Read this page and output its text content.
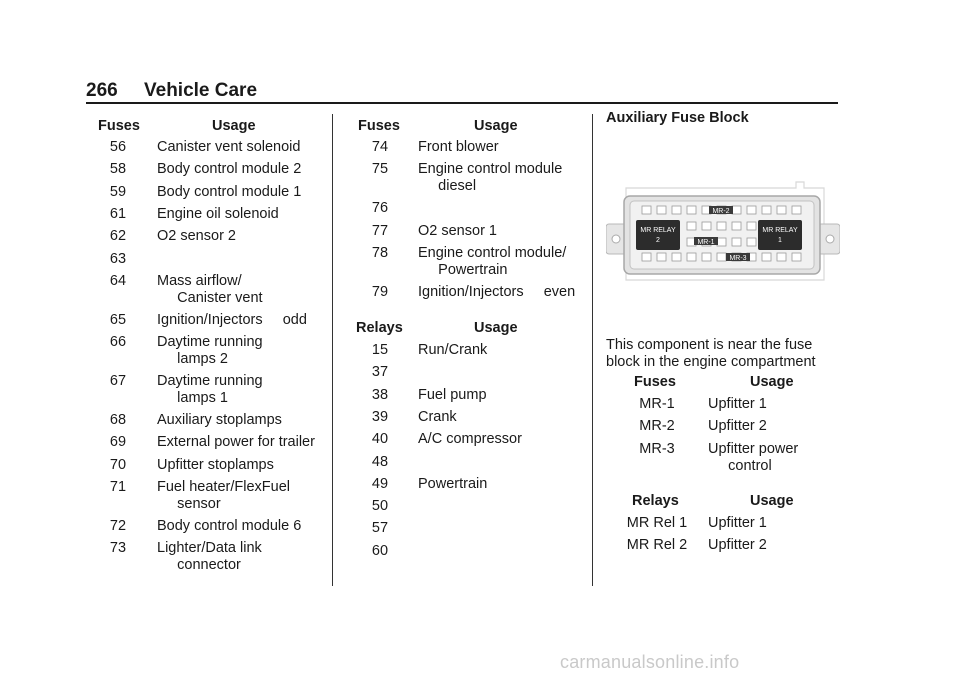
266 Vehicle Care
Fuses	Usage
56	Canister vent solenoid
58	Body control module 2
59	Body control module 1
61	Engine oil solenoid
62	O2 sensor 2
63
64	Mass airflow/
Canister vent
65	Ignition/Injectors     odd
66	Daytime running
lamps 2
67	Daytime running
lamps 1
68	Auxiliary stoplamps
69	External power for trailer
70	Upfitter stoplamps
71	Fuel heater/FlexFuel
sensor
72	Body control module 6
73	Lighter/Data link
connector
Fuses	Usage
74	Front blower
75	Engine control module
diesel
76
77	O2 sensor 1
78	Engine control module/
Powertrain
79	Ignition/Injectors     even
Relays	Usage
15	Run/Crank
37
38	Fuel pump
39	Crank
40	A/C compressor
48
49	Powertrain
50
57
60
Auxiliary Fuse Block
MR RELAY
2
MR RELAY
1
MR-2
MR-1
MR-3
This component is near the fuse block in the engine compartment
Fuses	Usage
MR-1	Upfitter 1
MR-2	Upfitter 2
MR-3	Upfitter power
control
Relays	Usage
MR Rel 1	Upfitter 1
MR Rel 2	Upfitter 2
carmanualsonline.info
